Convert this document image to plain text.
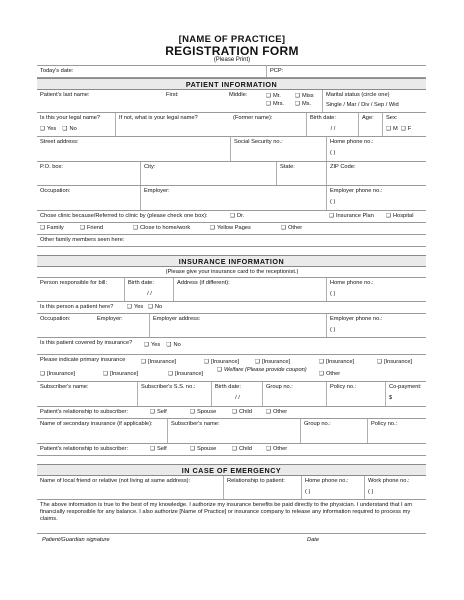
[NAME OF PRACTICE]
REGISTRATION FORM
(Please Print)
Today's date:	PCP:
PATIENT INFORMATION
Patient's last name:	First:	Middle:	❑ Mr.
❑ Mrs.
❑ Miss
❑ Ms.
Marital status (circle one)
Single / Mar / Div / Sep / Wid
Is this your legal name?
❑ Yes ❑ No
If not, what is your legal name?	(Former name):	Birth date:
/ /
Age:	Sex:
❑ M ❑ F
Street address:	Social Security no.:	Home phone no.:
( )
P.O. box:	City:	State:	ZIP Code:
Occupation:	Employer:	Employer phone no.:
( )
Chose clinic because/Referred to clinic by (please check one box):	❑ Dr.	❑ Insurance Plan	❑ Hospital
❑ Family	❑ Friend	❑ Close to home/work	❑ Yellow Pages	❑ Other
Other family members seen here:
INSURANCE INFORMATION
(Please give your insurance card to the receptionist.)
Person responsible for bill:	Birth date:
/ /
Address (if different):	Home phone no.:
( )
Is this person a patient here?	❑ Yes ❑ No
Occupation:	Employer:	Employer address:	Employer phone no.:
( )
Is this patient covered by insurance?	❑ Yes ❑ No
Please indicate primary insurance	❑ [Insurance]	❑ [Insurance]	❑ [Insurance]	❑ [Insurance]	❑ [Insurance]
❑ [Insurance]	❑ [Insurance]	❑ [Insurance]
❑ Welfare (Please provide coupon)
❑ Other
Subscriber's name:	Subscriber's S.S. no.:	Birth date:
/ /
Group no.:	Policy no.:	Co-payment:
$
Patient's relationship to subscriber:	❑ Self	❑ Spouse	❑ Child	❑ Other
Name of secondary insurance (if applicable):	Subscriber's name:	Group no.:	Policy no.:
Patient's relationship to subscriber:	❑ Self	❑ Spouse	❑ Child	❑ Other
IN CASE OF EMERGENCY
Name of local friend or relative (not living at same address):	Relationship to patient:	Home phone no.:
( )
Work phone no.:
( )
The above information is true to the best of my knowledge. I authorize my insurance benefits be paid directly to the physician. I understand that I am financially responsible for any balance. I also authorize [Name of Practice] or insurance company to release any information required to process my claims.
Patient/Guardian signature	Date
